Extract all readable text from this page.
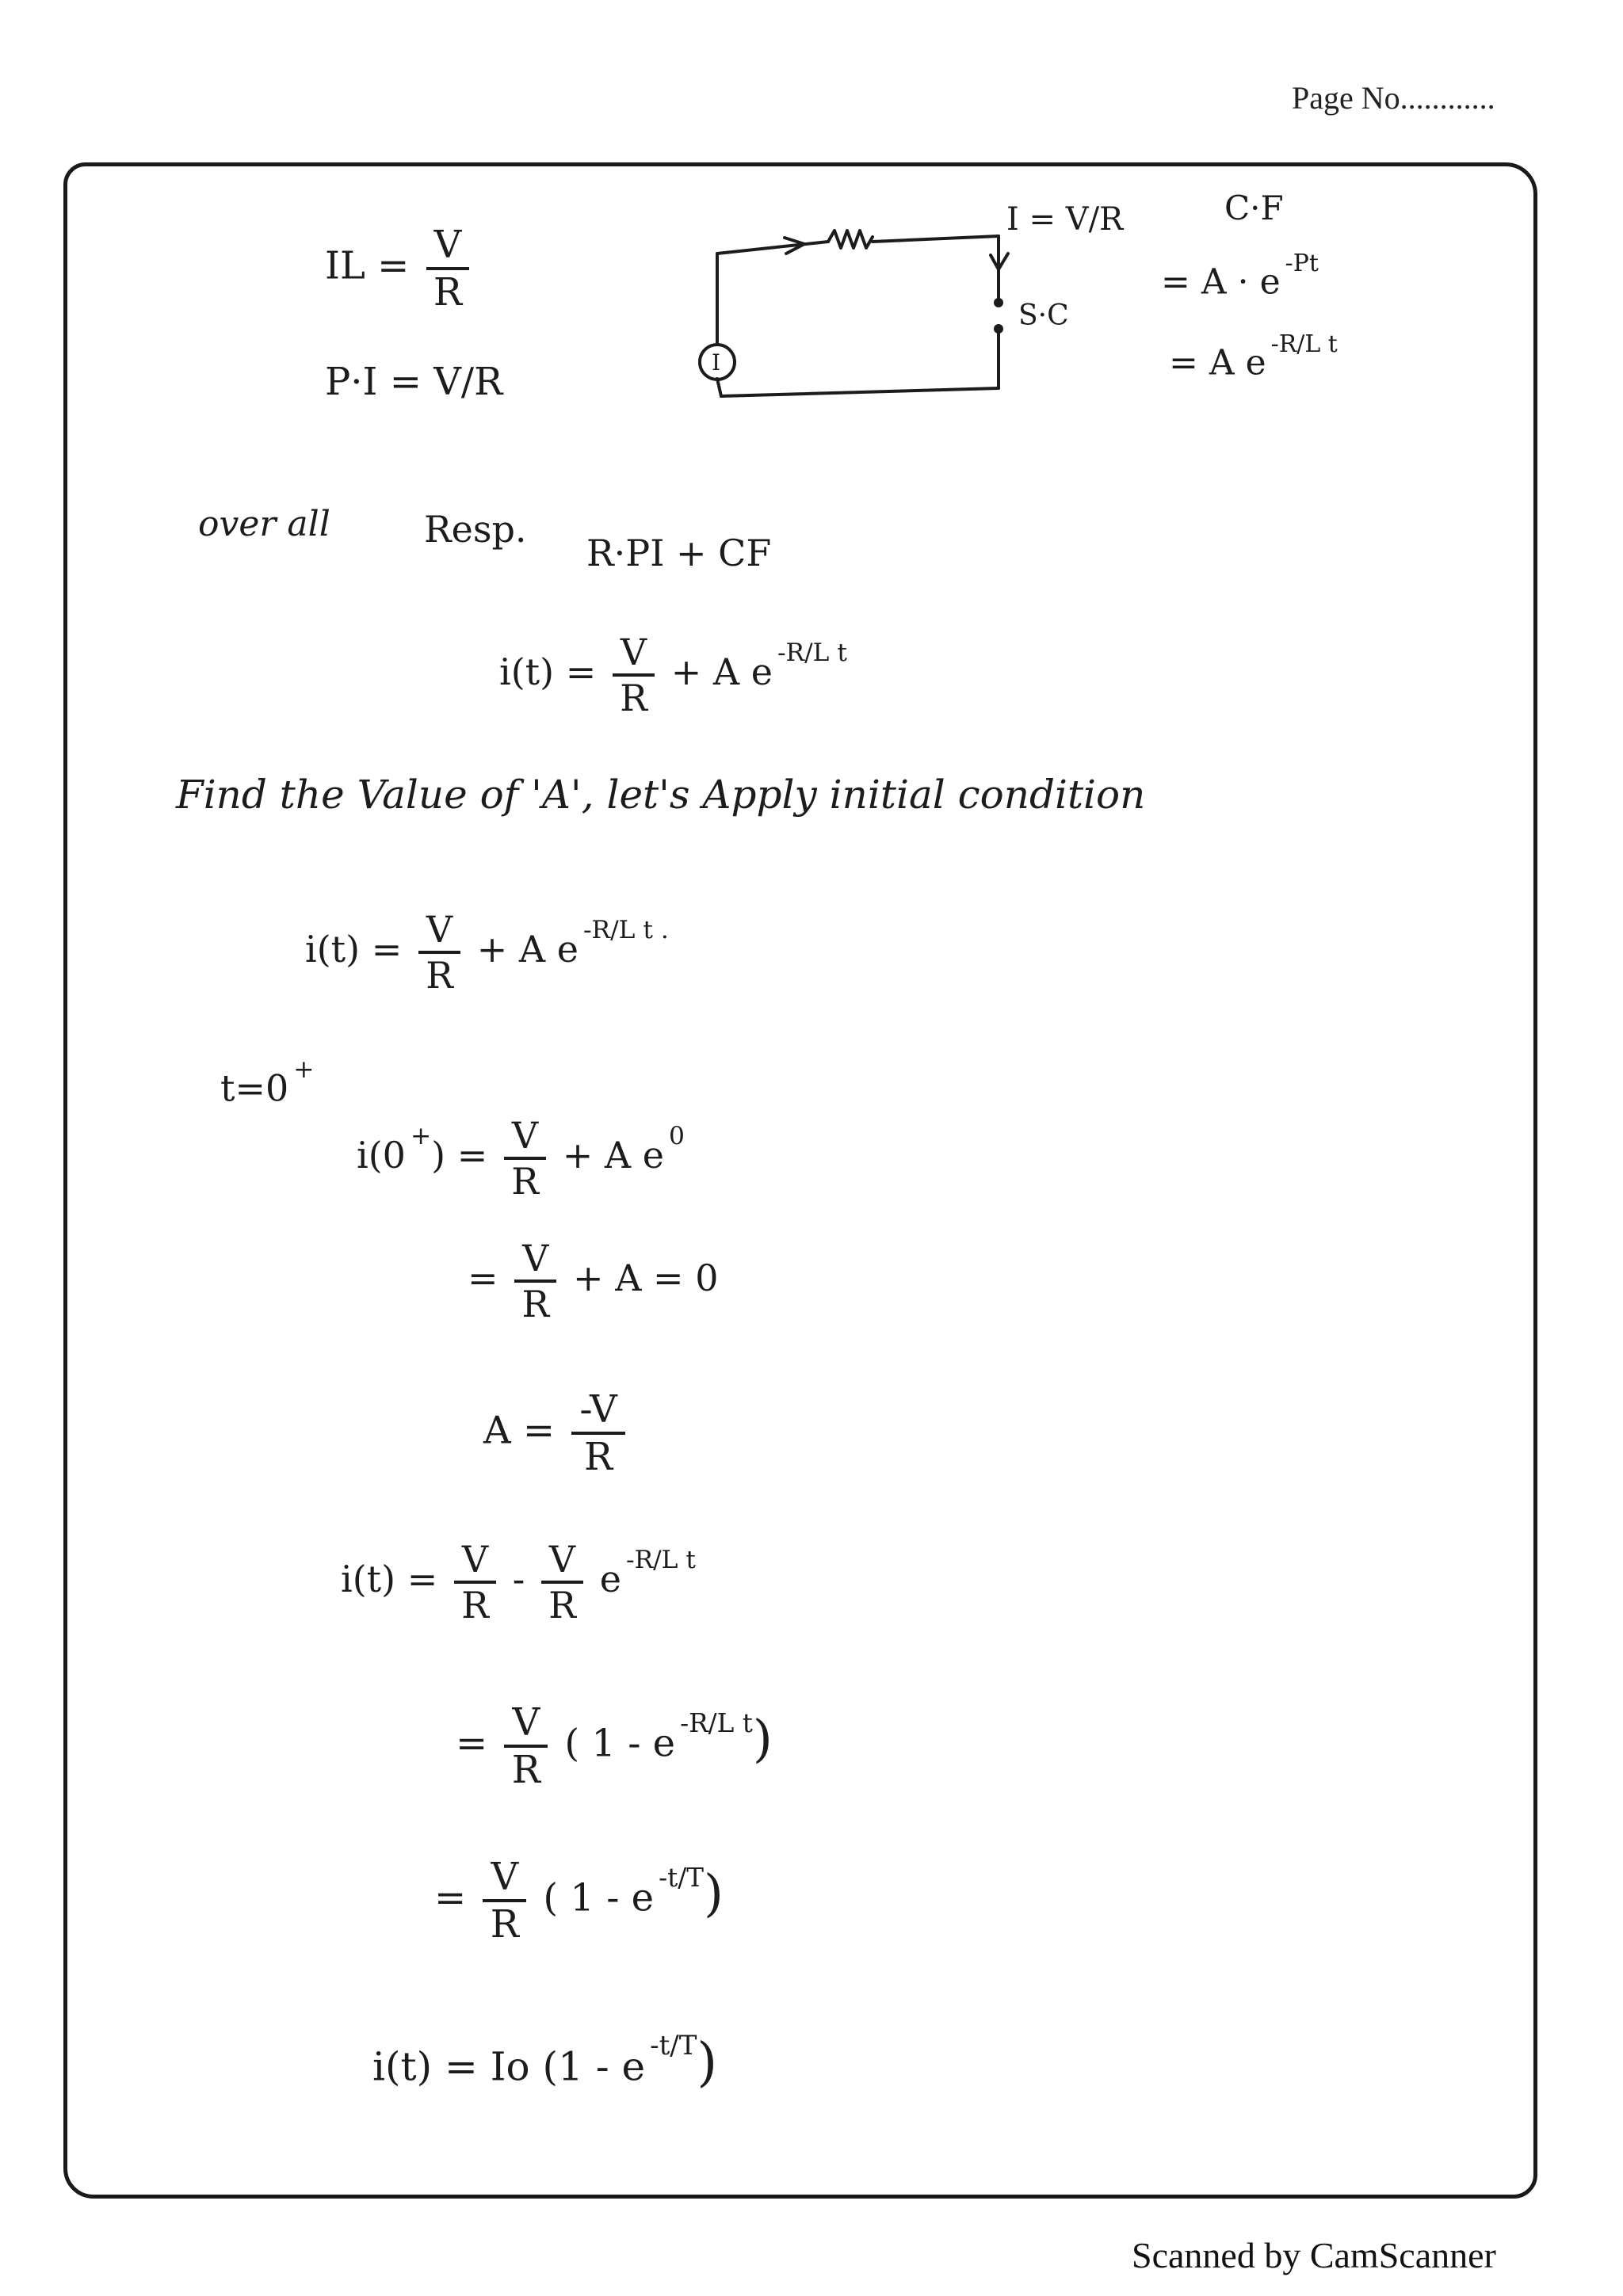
Page No............
IL = $\frac{V}{R}$
P·I = V/R	I
I = V/R
S·C
C·F
= A · e $^{-Pt}$
= A e $^{-R/L t}$
over all	Resp.
R·PI + CF
$i(t) = \frac{V}{R} + A$ e $^{-R/L t}$
Find the Value of 'A', let's Apply initial condition
$i(t) = \frac{V}{R} + A$ e $^{-R/L t .}$
t=0 +
i(0 $^+) = \frac{V}{R} + A$ e $^0$
= $\frac{V}{R} + A = 0$
$A = \frac{-V}{R}$
$i(t) = \frac{V}{R} - \frac{V}{R}$ e $^{-R/L t}$
= $\frac{V}{R}$ ( 1 - e $^{-R/L t}$)
= $\frac{V}{R}$ ( 1 - e $^{-t/T}$)
i(t) = Io (1 - e $^{-t/T}$)
Scanned by CamScanner
